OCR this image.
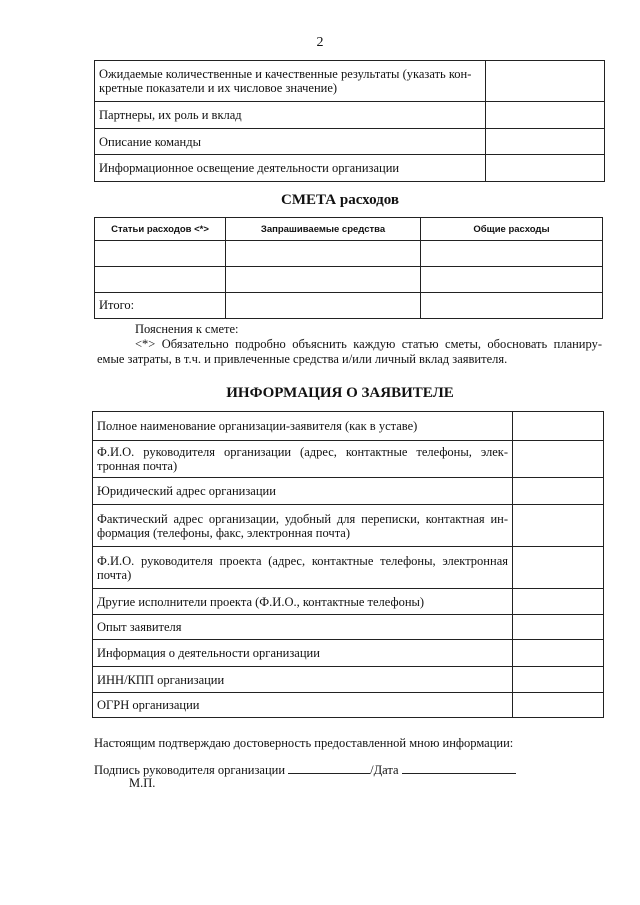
2
Ожидаемые количественные и качественные результаты (указать кон-кретные показатели и их числовое значение)	
Партнеры, их роль и вклад	
Описание команды	
Информационное освещение деятельности организации	
СМЕТА расходов
Статьи расходов <*>	Запрашиваемые средства	Общие расходы

Итого:		
Пояснения к смете:
<*> Обязательно подробно объяснить каждую статью сметы, обосновать планиру-емые затраты, в т.ч. и привлеченные средства и/или личный вклад заявителя.
ИНФОРМАЦИЯ О ЗАЯВИТЕЛЕ
Полное наименование организации-заявителя (как в уставе)	
Ф.И.О. руководителя организации (адрес, контактные телефоны, элек-тронная почта)	
Юридический адрес организации	
Фактический адрес организации, удобный для переписки, контактная ин-формация (телефоны, факс, электронная почта)	
Ф.И.О. руководителя проекта (адрес, контактные телефоны, электронная почта)	
Другие исполнители проекта (Ф.И.О., контактные телефоны)	
Опыт заявителя	
Информация о деятельности организации	
ИНН/КПП организации	
ОГРН организации	
Настоящим подтверждаю достоверность предоставленной мною информации:
Подпись руководителя организации	/Дата
М.П.
